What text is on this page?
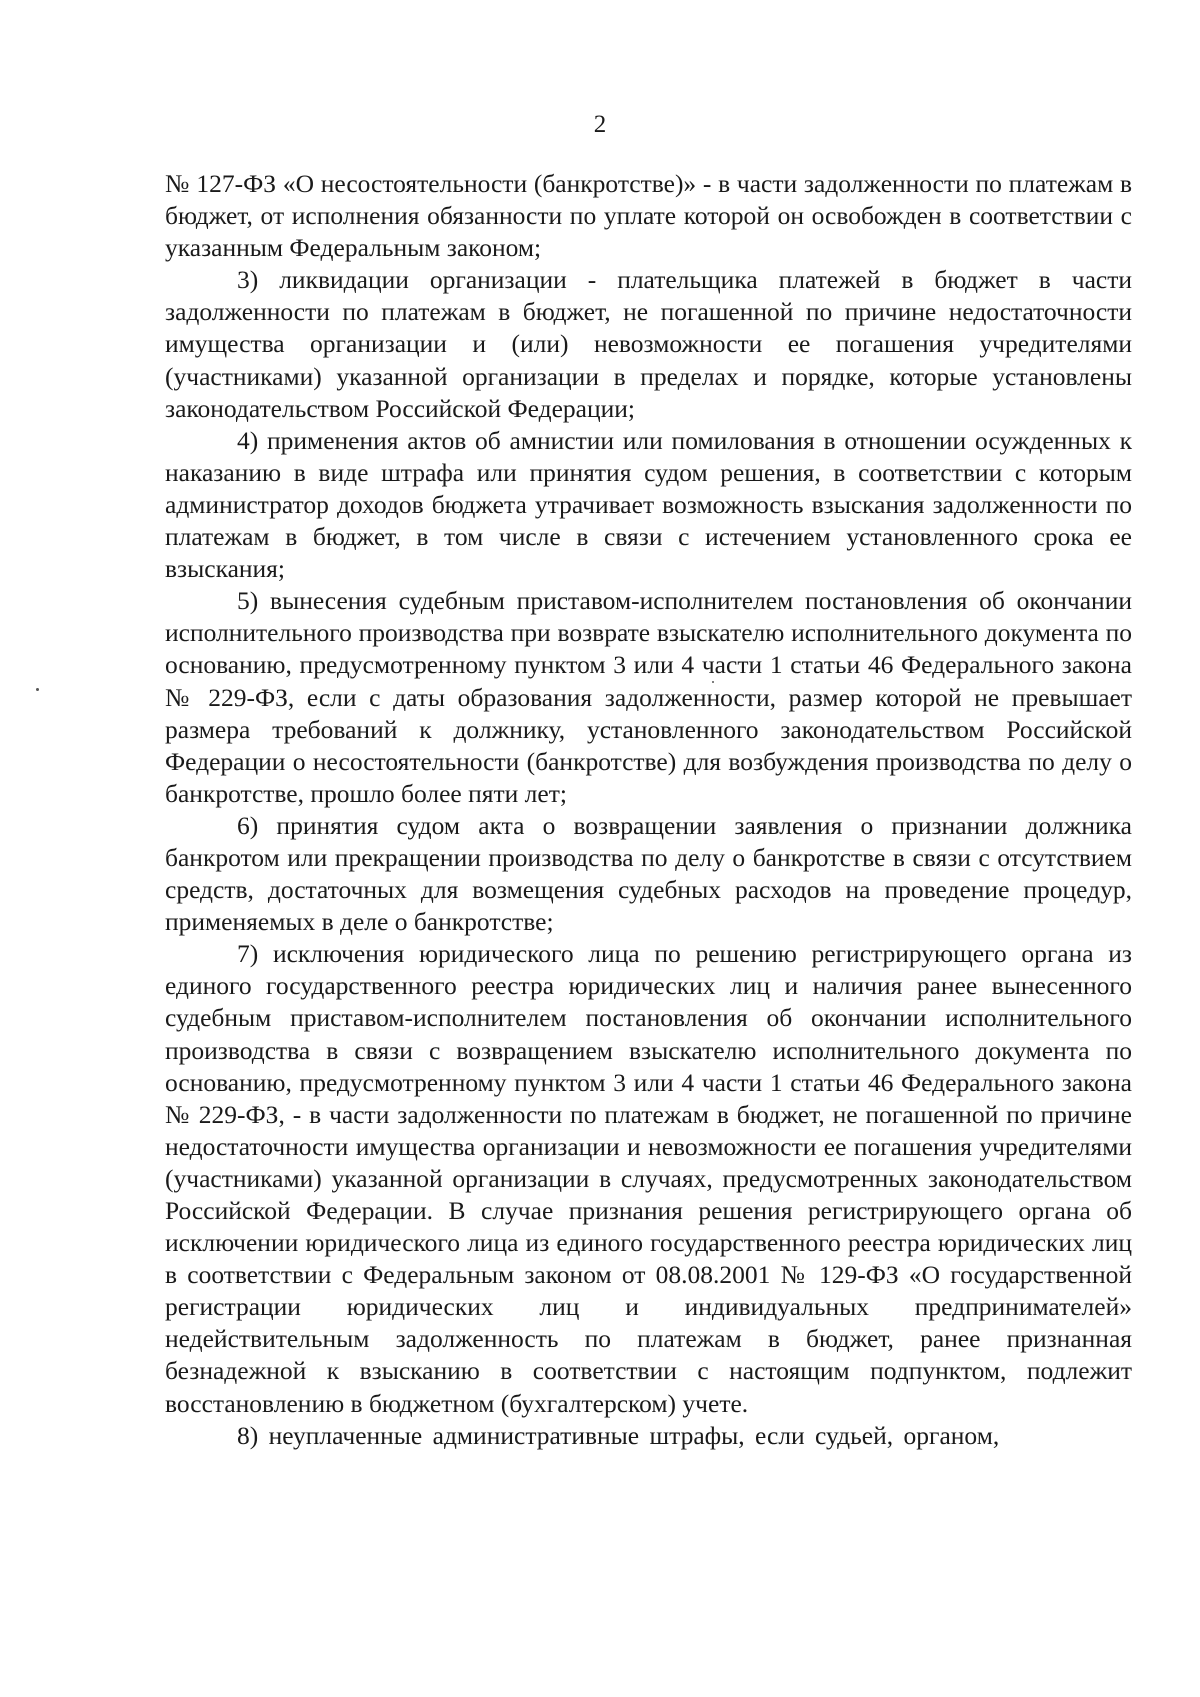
2

№ 127-ФЗ «О несостоятельности (банкротстве)» - в части задолженности по платежам в бюджет, от исполнения обязанности по уплате которой он освобожден в соответствии с указанным Федеральным законом;

3) ликвидации организации - плательщика платежей в бюджет в части задолженности по платежам в бюджет, не погашенной по причине недостаточности имущества организации и (или) невозможности ее погашения учредителями (участниками) указанной организации в пределах и порядке, которые установлены законодательством Российской Федерации;

4) применения актов об амнистии или помилования в отношении осужденных к наказанию в виде штрафа или принятия судом решения, в соответствии с которым администратор доходов бюджета утрачивает возможность взыскания задолженности по платежам в бюджет, в том числе в связи с истечением установленного срока ее взыскания;

5) вынесения судебным приставом-исполнителем постановления об окончании исполнительного производства при возврате взыскателю исполнительного документа по основанию, предусмотренному пунктом 3 или 4 части 1 статьи 46 Федерального закона № 229-ФЗ, если с даты образования задолженности, размер которой не превышает размера требований к должнику, установленного законодательством Российской Федерации о несостоятельности (банкротстве) для возбуждения производства по делу о банкротстве, прошло более пяти лет;

6) принятия судом акта о возвращении заявления о признании должника банкротом или прекращении производства по делу о банкротстве в связи с отсутствием средств, достаточных для возмещения судебных расходов на проведение процедур, применяемых в деле о банкротстве;

7) исключения юридического лица по решению регистрирующего органа из единого государственного реестра юридических лиц и наличия ранее вынесенного судебным приставом-исполнителем постановления об окончании исполнительного производства в связи с возвращением взыскателю исполнительного документа по основанию, предусмотренному пунктом 3 или 4 части 1 статьи 46 Федерального закона № 229-ФЗ, - в части задолженности по платежам в бюджет, не погашенной по причине недостаточности имущества организации и невозможности ее погашения учредителями (участниками) указанной организации в случаях, предусмотренных законодательством Российской Федерации. В случае признания решения регистрирующего органа об исключении юридического лица из единого государственного реестра юридических лиц в соответствии с Федеральным законом от 08.08.2001 № 129-ФЗ «О государственной регистрации юридических лиц и индивидуальных предпринимателей» недействительным задолженность по платежам в бюджет, ранее признанная безнадежной к взысканию в соответствии с настоящим подпунктом, подлежит восстановлению в бюджетном (бухгалтерском) учете.

8) неуплаченные административные штрафы, если судьей, органом,
